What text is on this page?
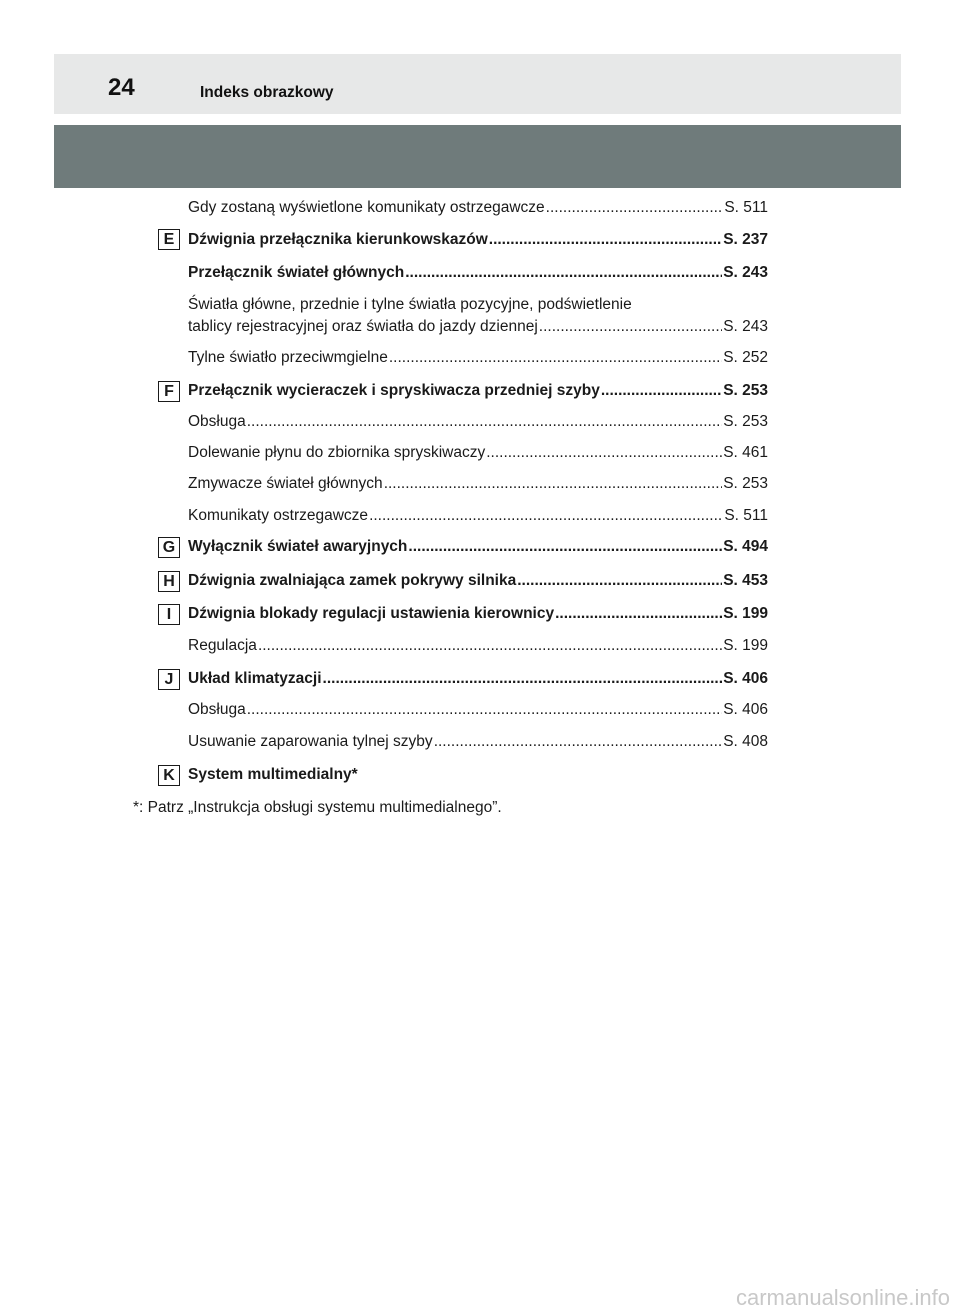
24	Indeks obrazkowy
Gdy zostaną wyświetlone komunikaty ostrzegawcze .....	S. 511
E Dźwignia przełącznika kierunkowskazów .....	S. 237
Przełącznik świateł głównych .....	S. 243
Światła główne, przednie i tylne światła pozycyjne, podświetlenie
tablicy rejestracyjnej oraz światła do jazdy dziennej .....	S. 243
Tylne światło przeciwmgielne .....	S. 252
F Przełącznik wycieraczek i spryskiwacza przedniej szyby .....	S. 253
Obsługa .....	S. 253
Dolewanie płynu do zbiornika spryskiwaczy .....	S. 461
Zmywacze świateł głównych .....	S. 253
Komunikaty ostrzegawcze .....	S. 511
G Wyłącznik świateł awaryjnych .....	S. 494
H Dźwignia zwalniająca zamek pokrywy silnika .....	S. 453
I	Dźwignia blokady regulacji ustawienia kierownicy .....	S. 199
Regulacja .....	S. 199
J Układ klimatyzacji .....	S. 406
Obsługa .....	S. 406
Usuwanie zaparowania tylnej szyby .....	S. 408
K System multimedialny*
*: Patrz „Instrukcja obsługi systemu multimedialnego”.
carmanualsonline.info
